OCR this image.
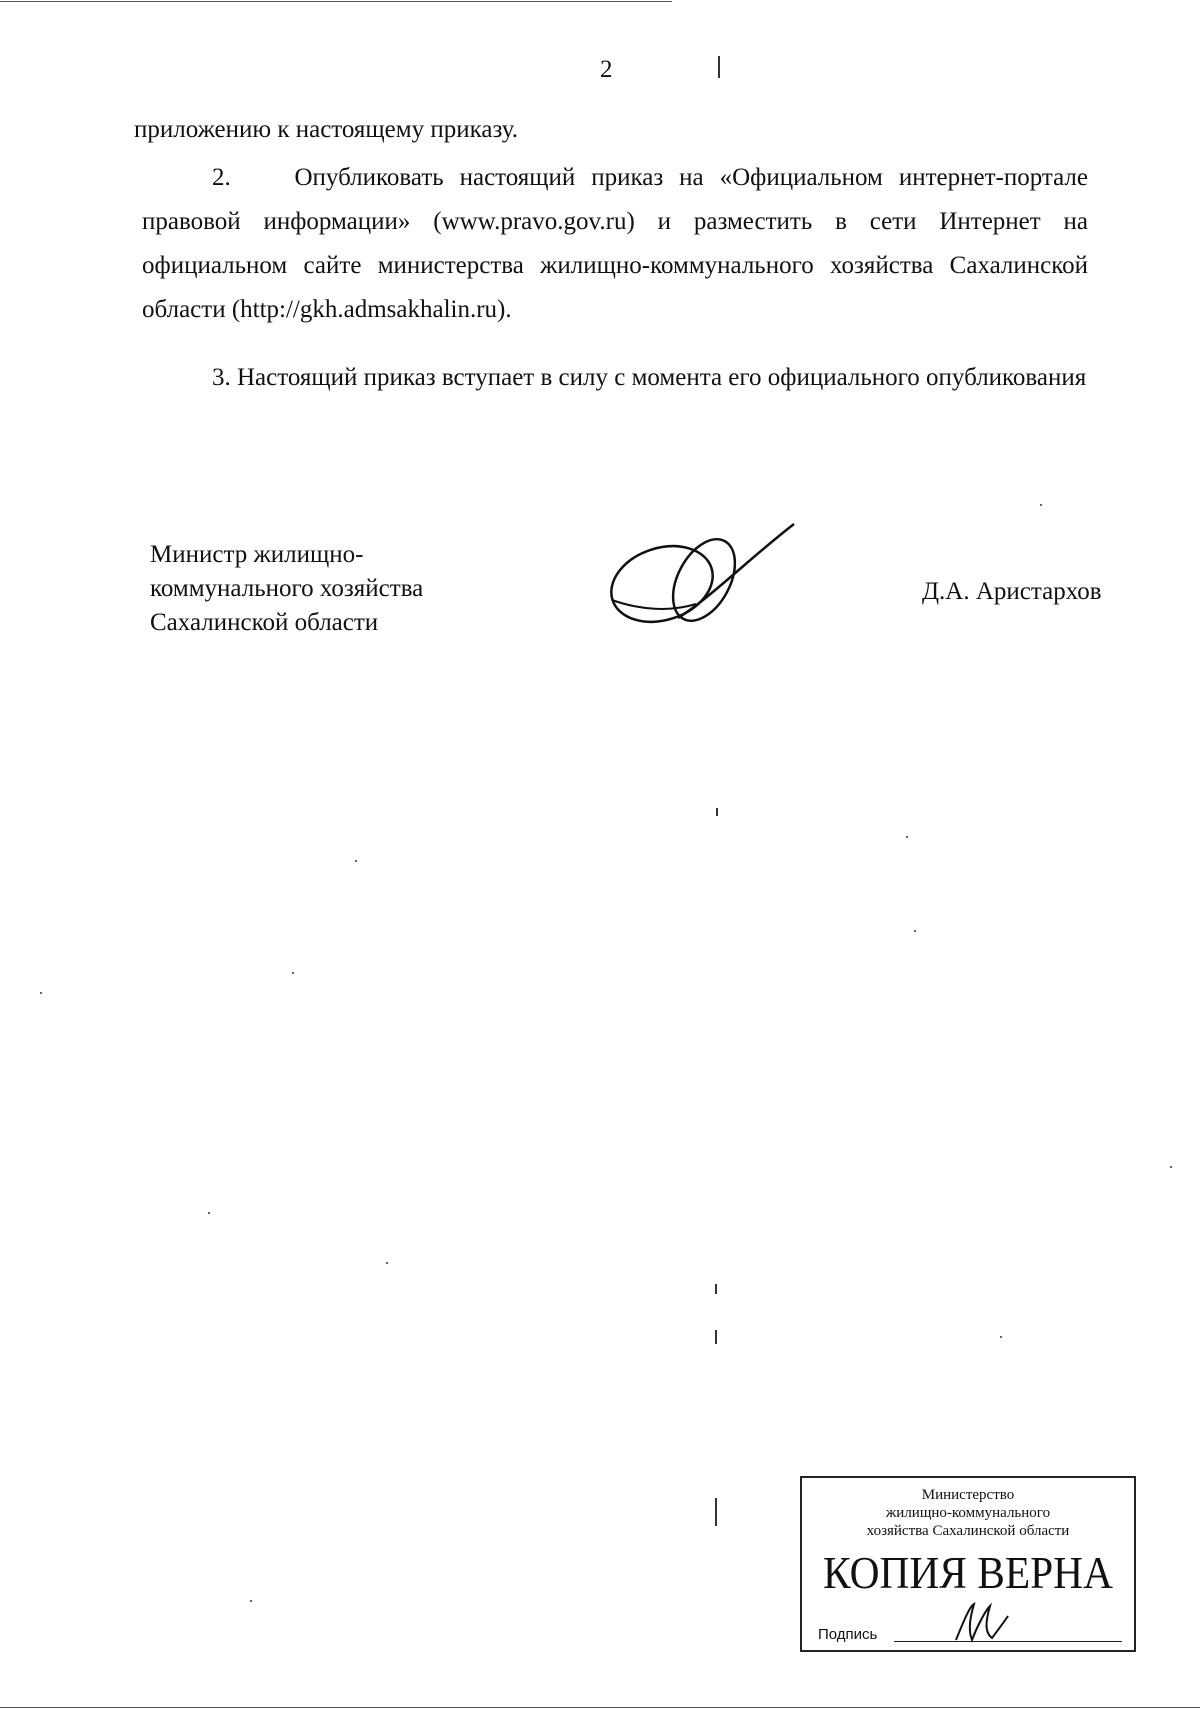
2
приложению к настоящему приказу.
2.    Опубликовать настоящий приказ на «Официальном интернет-портале правовой информации» (www.pravo.gov.ru) и разместить в сети Интернет на официальном сайте министерства жилищно-коммунального хозяйства Сахалинской области (http://gkh.admsakhalin.ru).
3. Настоящий приказ вступает в силу с момента его официального опубликования
Министр жилищно-
коммунального хозяйства
Сахалинской области
Д.А. Аристархов
Министерство
жилищно-коммунального
хозяйства Сахалинской области
КОПИЯ ВЕРНА
Подпись
